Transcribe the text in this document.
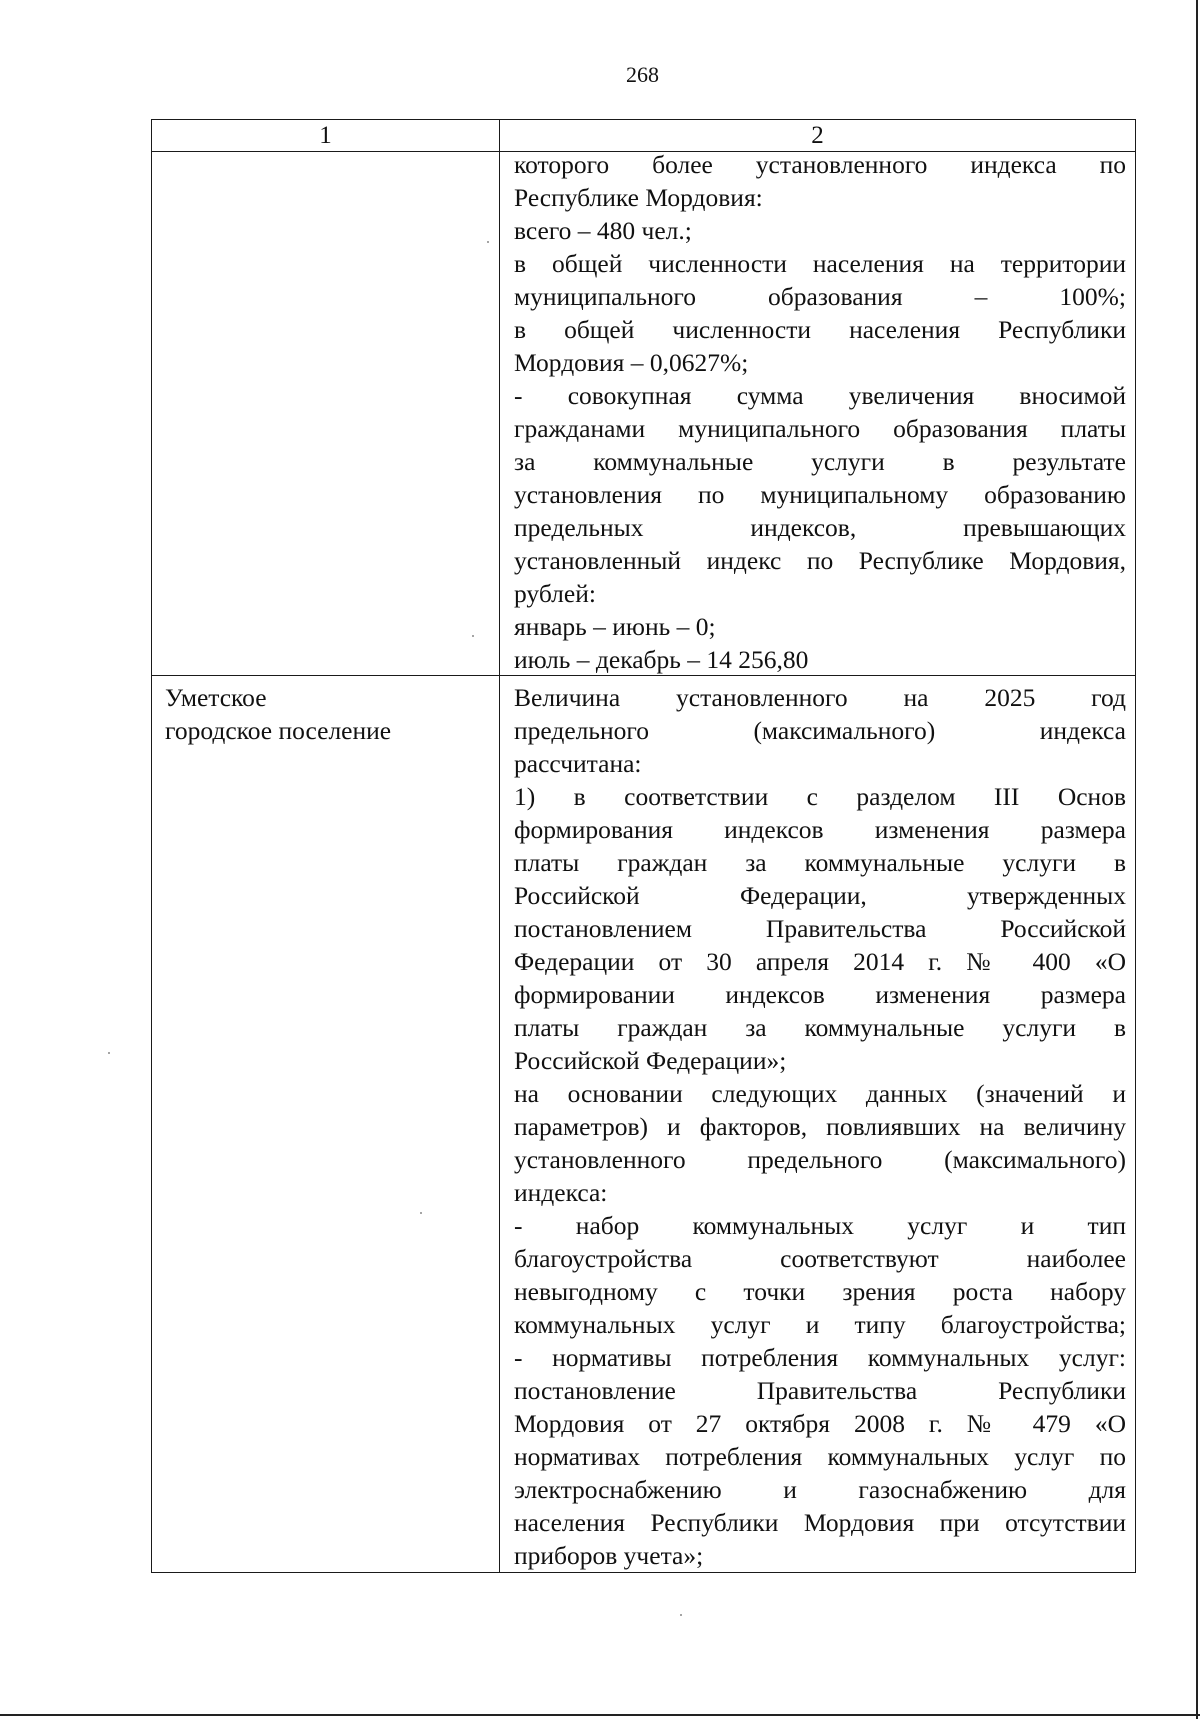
268
1	2
которого более установленного индекса по
Республике Мордовия:
всего – 480 чел.;
в общей численности населения на территории
муниципального образования – 100%;
в общей численности населения Республики
Мордовия – 0,0627%;
- совокупная сумма увеличения вносимой
гражданами муниципального образования платы
за коммунальные услуги в результате
установления по муниципальному образованию
предельных индексов, превышающих
установленный индекс по Республике Мордовия,
рублей:
январь – июнь – 0;
июль – декабрь – 14 256,80
Уметское
городское поселение
Величина установленного на 2025 год
предельного (максимального) индекса
рассчитана:
1) в соответствии с разделом III Основ
формирования индексов изменения размера
платы граждан за коммунальные услуги в
Российской Федерации, утвержденных
постановлением Правительства Российской
Федерации от 30 апреля 2014 г. № 400 «О
формировании индексов изменения размера
платы граждан за коммунальные услуги в
Российской Федерации»;
на основании следующих данных (значений и
параметров) и факторов, повлиявших на величину
установленного предельного (максимального)
индекса:
- набор коммунальных услуг и тип
благоустройства соответствуют наиболее
невыгодному с точки зрения роста набору
коммунальных услуг и типу благоустройства;
- нормативы потребления коммунальных услуг:
постановление Правительства Республики
Мордовия от 27 октября 2008 г. № 479 «О
нормативах потребления коммунальных услуг по
электроснабжению и газоснабжению для
населения Республики Мордовия при отсутствии
приборов учета»;
